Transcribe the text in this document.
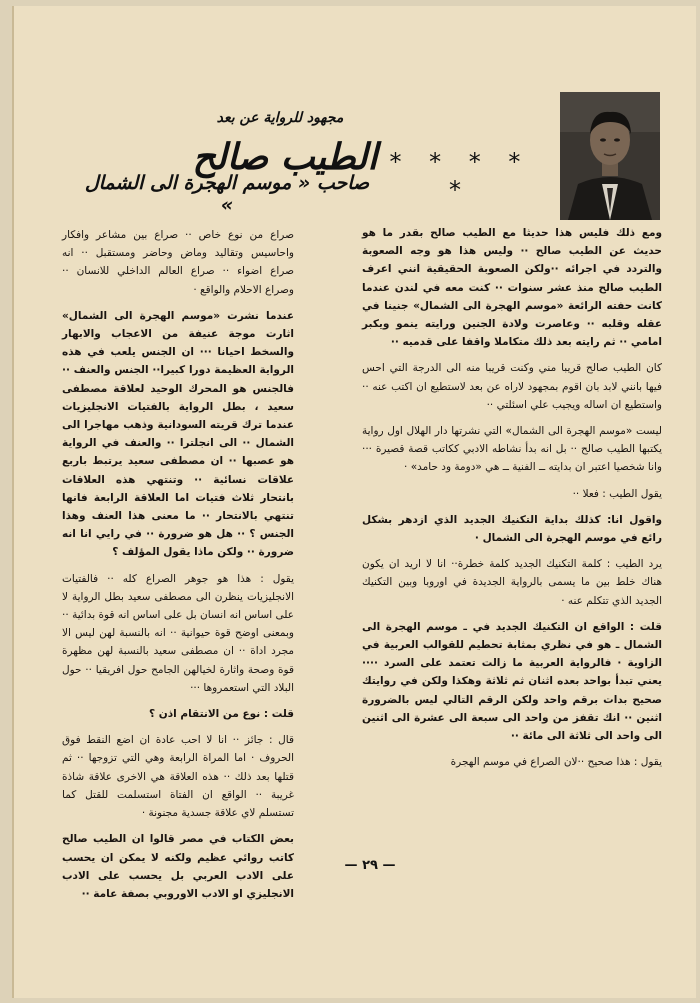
مجهود للرواية عن بعد
الطيب صالح
صاحب « موسم الهجرة الى الشمال »
* * * * *

ومع ذلك فليس هذا حديثا مع الطيب صالح بقدر ما هو حديث عن الطيب صالح ·· وليس هذا هو وجه الصعوبة والتردد في اجرائه ··ولكن الصعوبة الحقيقية انني اعرف الطيب صالح منذ عشر سنوات ·· كنت معه في لندن عندما كانت حفته الرائعة «موسم الهجرة الى الشمال» جنينا في عقله وقلبه ·· وعاصرت ولادة الجنين ورايته ينمو ويكبر امامي ·· ثم رايته بعد ذلك متكاملا واقفا على قدميه ··

كان الطيب صالح قريبا مني وكنت قريبا منه الى الدرجة التي احس فيها بانني لابد بان اقوم بمجهود لاراه عن بعد لاستطيع ان اكتب عنه ·· واستطيع ان اساله ويجيب علي اسئلتي ··

ليست «موسم الهجرة الى الشمال» التي نشرتها دار الهلال اول رواية يكتبها الطيب صالح ·· بل انه بدأ نشاطه الادبي ككاتب قصة قصيرة ··· وانا شخصيا اعتبر ان بدايته ــ الفنية ــ هي «دومة ود حامد» ·

يقول الطيب : فعلا ··

واقول انا: كذلك بداية التكنيك الجديد الذي ازدهر بشكل رائع في موسم الهجرة الى الشمال ·

يرد الطيب : كلمة التكنيك الجديد كلمة خطرة·· انا لا اريد ان يكون هناك خلط بين ما يسمى بالرواية الجديدة في اوروبا وبين التكنيك الجديد الذي تتكلم عنه ·

قلت : الواقع ان التكنيك الجديد في ـ موسم الهجرة الى الشمال ـ هو في نظري بمثابة تحطيم للقوالب العربية في الزاوية · فالرواية العربية ما زالت تعتمد على السرد ···· يعني تبدأ بواحد بعده اثنان ثم ثلاثة وهكذا ولكن في روايتك صحيح بدات برقم واحد ولكن الرقم التالي ليس بالضرورة اثنين ·· انك تقفز من واحد الى سبعة الى عشرة الى اثنين الى واحد الى ثلاثة الى مائة ··

يقول : هذا صحيح ··لان الصراع في موسم الهجرة

صراع من نوع خاص ·· صراع بين مشاعر وافكار واحاسيس وتقاليد وماض وحاضر ومستقبل ·· انه صراع اضواء ·· صراع العالم الداخلي للانسان ·· وصراع الاحلام والواقع ·

عندما نشرت «موسم الهجرة الى الشمال» اثارت موجة عنيفة من الاعجاب والابهار والسخط احيانا ··· ان الجنس يلعب في هذه الرواية العظيمة دورا كبيرا·· الجنس والعنف ·· فالجنس هو المحرك الوحيد لعلاقة مصطفى سعيد ، بطل الرواية بالفتيات الانجليزيات عندما ترك قريته السودانية وذهب مهاجرا الى الشمال ·· الى انجلترا ·· والعنف في الرواية هو عصبها ·· ان مصطفى سعيد يرتبط باربع علاقات نسائية ·· وتنتهي هذه العلاقات بانتحار ثلاث فتيات اما العلاقة الرابعة فانها تنتهي بالانتحار ·· ما معنى هذا العنف وهذا الجنس ؟ ·· هل هو ضرورة ·· في رايي انا انه ضرورة ·· ولكن ماذا يقول المؤلف ؟

يقول : هذا هو جوهر الصراع كله ·· فالفتيات الانجليزيات ينظرن الى مصطفى سعيد بطل الرواية لا على اساس انه انسان بل على اساس انه قوة بدائية ·· وبمعنى اوضح قوة حيوانية ·· انه بالنسبة لهن ليس الا مجرد اداة ·· ان مصطفى سعيد بالنسبة لهن مظهرة قوة وصحة واثارة لخيالهن الجامح حول افريقيا ·· حول البلاد التي استعمروها ···

قلت : نوع من الانتقام اذن ؟

قال : جائز ·· انا لا احب عادة ان اضع النقط فوق الحروف · اما المراة الرابعة وهي التي تزوجها ·· ثم قتلها بعد ذلك ·· هذه العلاقة هي الاخرى علاقة شاذة غريبة ·· الواقع ان الفتاة استسلمت للقتل كما تستسلم لاي علاقة جسدية مجنونة ·

بعض الكتاب في مصر قالوا ان الطيب صالح كاتب روائي عظيم ولكنه لا يمكن ان يحسب على الادب العربي بل يحسب على الادب الانجليزي او الادب الاوروبي بصفة عامة ··

— ٢٩ —
